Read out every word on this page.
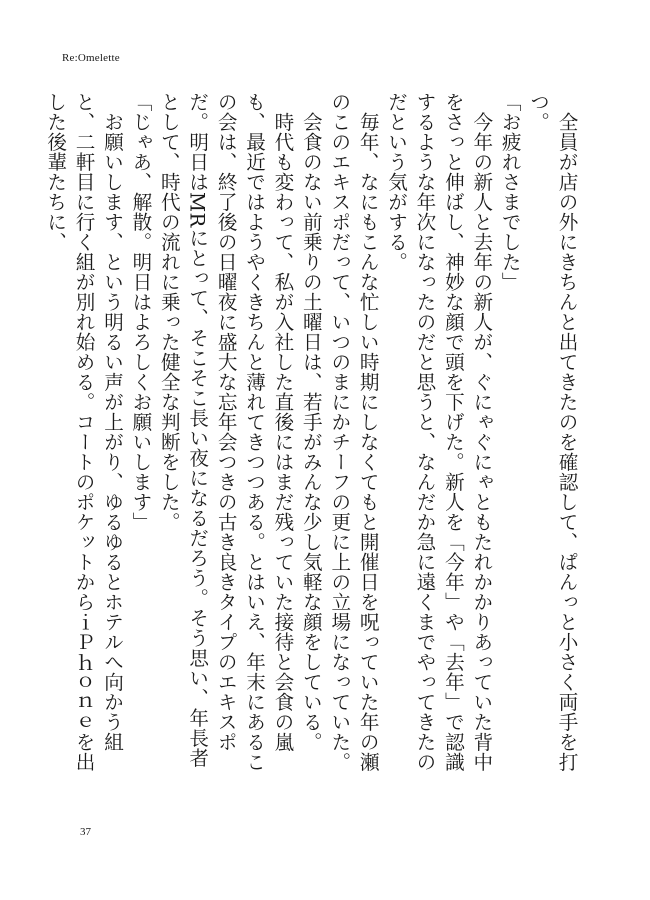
Re:Omelette

全員が店の外にきちんと出てきたのを確認して、ぱんっと小さく両手を打つ。

「お疲れさまでした」

今年の新人と去年の新人が、ぐにゃぐにゃともたれかかりあっていた背中をさっと伸ばし、神妙な顔で頭を下げた。新人を「今年」や「去年」で認識するような年次になったのだと思うと、なんだか急に遠くまでやってきたのだという気がする。

毎年、なにもこんな忙しい時期にしなくてもと開催日を呪っていた年の瀬のこのエキスポだって、いつのまにかチーフの更に上の立場になっていた。

会食のない前乗りの土曜日は、若手がみんな少し気軽な顔をしている。

時代も変わって、私が入社した直後にはまだ残っていた接待と会食の嵐も、最近ではようやくきちんと薄れてきつつある。とはいえ、年末にあるこの会は、終了後の日曜夜に盛大な忘年会つきの古き良きタイプのエキスポだ。明日はMRにとって、そこそこ長い夜になるだろう。そう思い、年長者として、時代の流れに乗った健全な判断をした。

「じゃあ、解散。明日はよろしくお願いします」

お願いします、という明るい声が上がり、ゆるゆるとホテルへ向かう組と、二軒目に行く組が別れ始める。コートのポケットからｉＰｈｏｎｅを出した後輩たちに、

37
